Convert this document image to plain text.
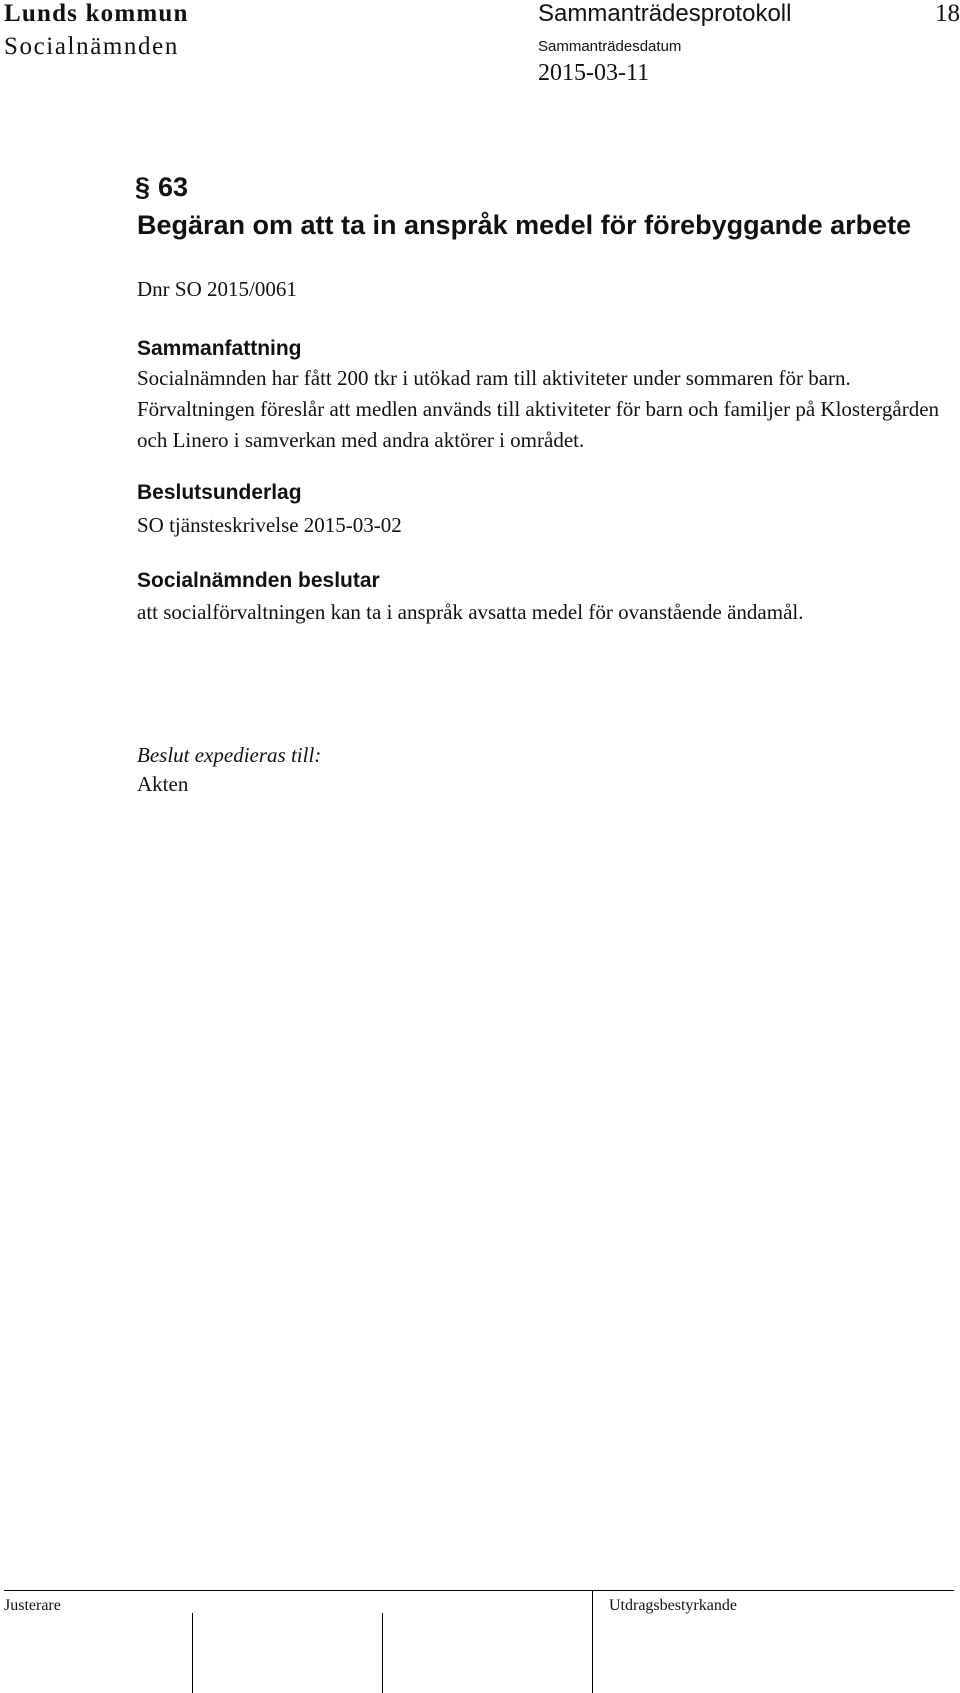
Lunds kommun
Socialnämnden
Sammanträdesprotokoll	18
Sammanträdesdatum
2015-03-11
§ 63
Begäran om att ta in anspråk medel för förebyggande arbete
Dnr SO 2015/0061
Sammanfattning
Socialnämnden har fått 200 tkr i utökad ram till aktiviteter under sommaren för barn. Förvaltningen föreslår att medlen används till aktiviteter för barn och familjer på Klostergården och Linero i samverkan med andra aktörer i området.
Beslutsunderlag
SO tjänsteskrivelse 2015-03-02
Socialnämnden beslutar
att socialförvaltningen kan ta i anspråk avsatta medel för ovanstående ändamål.
Beslut expedieras till:
Akten
Justerare	Utdragsbestyrkande
